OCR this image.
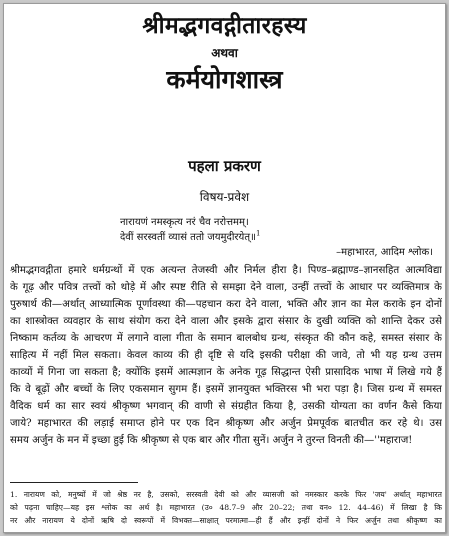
श्रीमद्भगवद्गीतारहस्य
अथवा
कर्मयोगशास्त्र
पहला प्रकरण
विषय-प्रवेश
नारायणं नमस्कृत्य नरं चैव नरोत्तमम्।
देवीं सरस्वतीं व्यासं ततो जयमुदीरयेत्॥$^1$
–महाभारत, आदिम श्लोक।
श्रीमद्भगवद्गीता हमारे धर्मग्रन्थों में एक अत्यन्त तेजस्वी और निर्मल हीरा है। पिण्ड–ब्रह्माण्ड–ज्ञानसहित आत्मविद्या
के गूढ़ और पवित्र तत्त्वों को थोड़े में और स्पष्ट रीति से समझा देने वाला, उन्हीं तत्त्वों के आधार पर व्यक्तिमात्र के
पुरुषार्थ की—अर्थात् आध्यात्मिक पूर्णावस्था की—पहचान करा देने वाला, भक्ति और ज्ञान का मेल कराके इन दोनों
का शास्त्रोक्त व्यवहार के साथ संयोग करा देने वाला और इसके द्वारा संसार के दुखी व्यक्ति को शान्ति देकर उसे
निष्काम कर्तव्य के आचरण में लगाने वाला गीता के समान बालबोध ग्रन्थ, संस्कृत की कौन कहे, समस्त संसार के
साहित्य में नहीं मिल सकता। केवल काव्य की ही दृष्टि से यदि इसकी परीक्षा की जावे, तो भी यह ग्रन्थ उत्तम
काव्यों में गिना जा सकता है; क्योंकि इसमें आत्मज्ञान के अनेक गूढ़ सिद्धान्त ऐसी प्रासादिक भाषा में लिखे गये हैं
कि वे बूढ़ों और बच्चों के लिए एकसमान सुगम हैं। इसमें ज्ञानयुक्त भक्तिरस भी भरा पड़ा है। जिस ग्रन्थ में समस्त
वैदिक धर्म का सार स्वयं श्रीकृष्ण भगवान् की वाणी से संग्रहीत किया है, उसकी योग्यता का वर्णन कैसे किया
जाये? महाभारत की लड़ाई समाप्त होने पर एक दिन श्रीकृष्ण और अर्जुन प्रेमपूर्वक बातचीत कर रहे थे। उस
समय अर्जुन के मन में इच्छा हुई कि श्रीकृष्ण से एक बार और गीता सुनें। अर्जुन ने तुरन्त विनती की—''महाराज!
1. नारायण को, मनुष्यों में जो श्रेष्ठ नर है, उसको, सरस्वती देवी को और व्यासजी को नमस्कार करके फिर 'जय' अर्थात् महाभारत
को पढ़ना चाहिए—यह इस श्लोक का अर्थ है। महाभारत (उ० 48.7–9 और 20–22; तथा वन० 12. 44–46) में लिखा है कि
नर और नारायण ये दोनों ऋषि दो स्वरूपों में विभक्त—साक्षात् परमात्मा—ही हैं और इन्हीं दोनों ने फिर अर्जुन तथा श्रीकृष्ण का
